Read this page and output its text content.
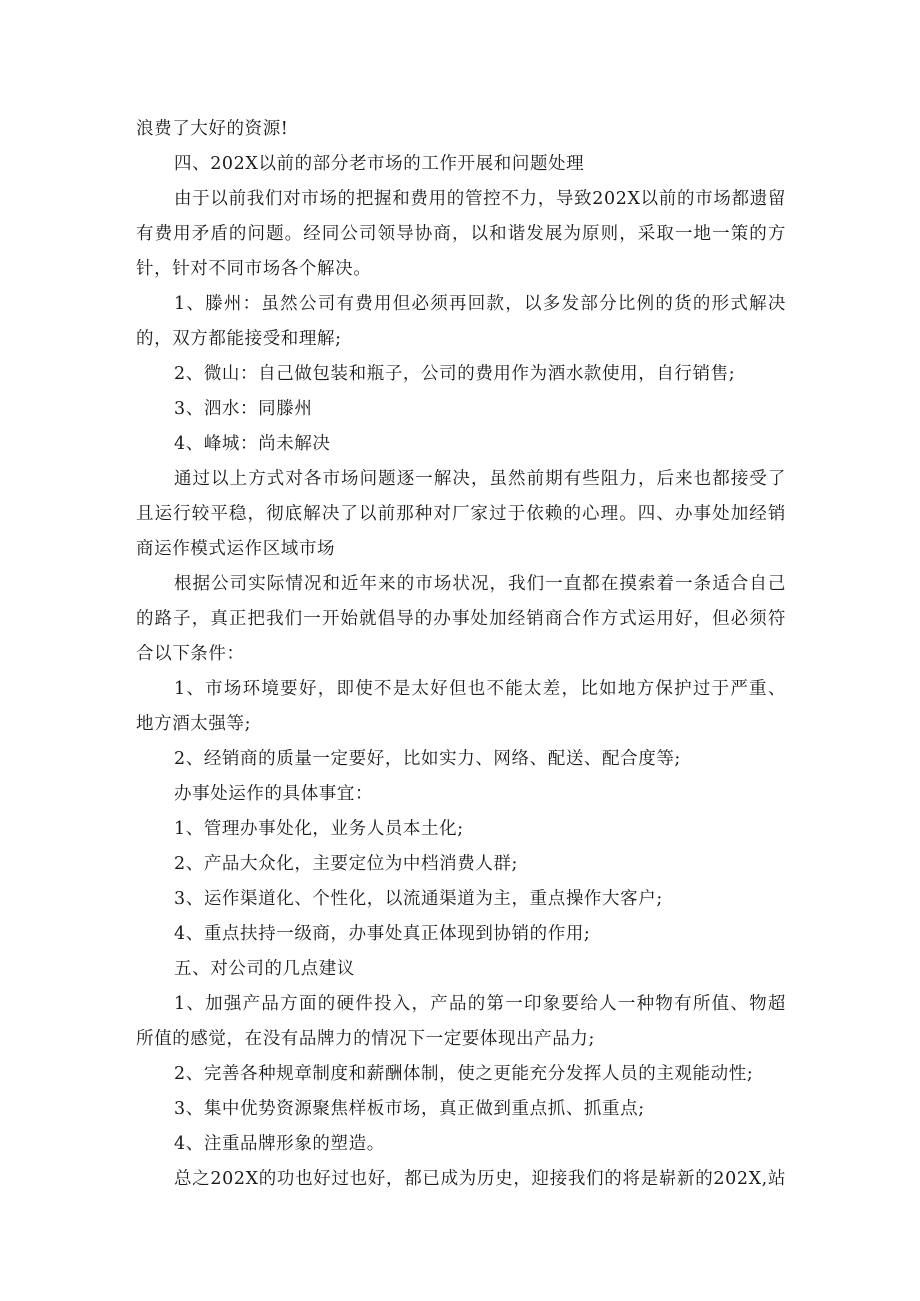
浪费了大好的资源!
四、202X以前的部分老市场的工作开展和问题处理
由于以前我们对市场的把握和费用的管控不力，导致202X以前的市场都遗留
有费用矛盾的问题。经同公司领导协商，以和谐发展为原则，采取一地一策的方
针，针对不同市场各个解决。
1、滕州：虽然公司有费用但必须再回款，以多发部分比例的货的形式解决
的，双方都能接受和理解;
2、微山：自己做包装和瓶子，公司的费用作为酒水款使用，自行销售;
3、泗水：同滕州
4、峰城：尚未解决
通过以上方式对各市场问题逐一解决，虽然前期有些阻力，后来也都接受了
且运行较平稳，彻底解决了以前那种对厂家过于依赖的心理。四、办事处加经销
商运作模式运作区域市场
根据公司实际情况和近年来的市场状况，我们一直都在摸索着一条适合自己
的路子，真正把我们一开始就倡导的办事处加经销商合作方式运用好，但必须符
合以下条件：
1、市场环境要好，即使不是太好但也不能太差，比如地方保护过于严重、
地方酒太强等;
2、经销商的质量一定要好，比如实力、网络、配送、配合度等;
办事处运作的具体事宜：
1、管理办事处化，业务人员本土化;
2、产品大众化，主要定位为中档消费人群;
3、运作渠道化、个性化，以流通渠道为主，重点操作大客户;
4、重点扶持一级商，办事处真正体现到协销的作用;
五、对公司的几点建议
1、加强产品方面的硬件投入，产品的第一印象要给人一种物有所值、物超
所值的感觉，在没有品牌力的情况下一定要体现出产品力;
2、完善各种规章制度和薪酬体制，使之更能充分发挥人员的主观能动性;
3、集中优势资源聚焦样板市场，真正做到重点抓、抓重点;
4、注重品牌形象的塑造。
总之202X的功也好过也好，都已成为历史，迎接我们的将是崭新的202X,站
